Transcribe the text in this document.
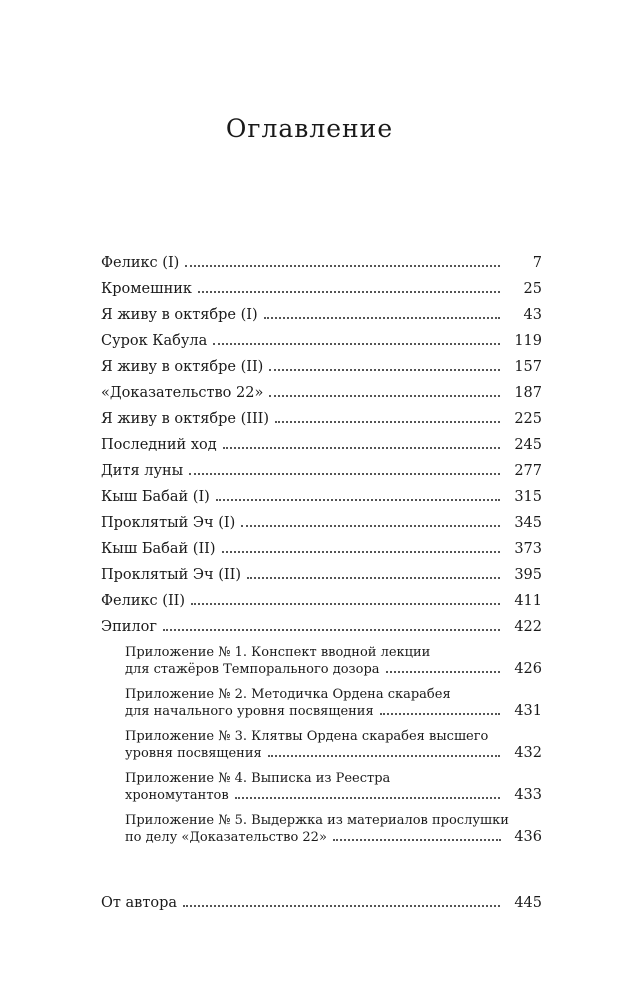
Оглавление
Феликс (I)	7
Кромешник	25
Я живу в октябре (I)	43
Сурок Кабула	119
Я живу в октябре (II)	157
«Доказательство 22»	187
Я живу в октябре (III)	225
Последний ход	245
Дитя луны	277
Кыш Бабай (I)	315
Проклятый Эч (I)	345
Кыш Бабай (II)	373
Проклятый Эч (II)	395
Феликс (II)	411
Эпилог	422
Приложение № 1. Конспект вводной лекции
для стажёров Темпорального дозора	426
Приложение № 2. Методичка Ордена скарабея
для начального уровня посвящения	431
Приложение № 3. Клятвы Ордена скарабея высшего
уровня посвящения	432
Приложение № 4. Выписка из Реестра
хрономутантов	433
Приложение № 5. Выдержка из материалов прослушки
по делу «Доказательство 22»	436
От автора	445
